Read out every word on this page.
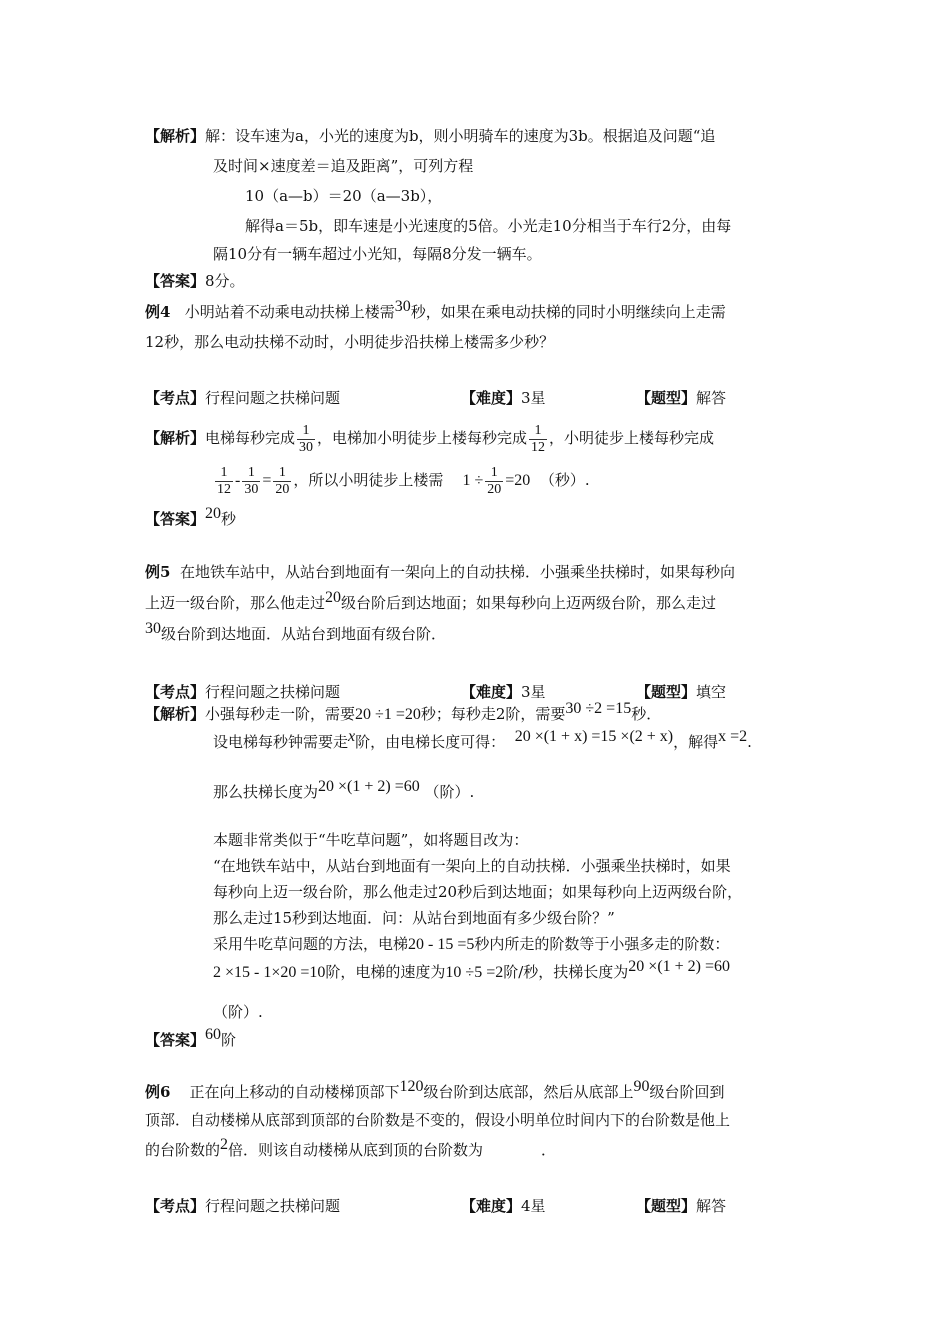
【解析】解：设车速为a，小光的速度为b，则小明骑车的速度为3b。根据追及问题“追
及时间×速度差＝追及距离”，可列方程
10（a—b）＝20（a—3b），
解得a＝5b，即车速是小光速度的5倍。小光走10分相当于车行2分，由每
隔10分有一辆车超过小光知，每隔8分发一辆车。
【答案】8分。
例4 小明站着不动乘电动扶梯上楼需30秒，如果在乘电动扶梯的同时小明继续向上走需
12秒，那么电动扶梯不动时，小明徒步沿扶梯上楼需多少秒？
【考点】行程问题之扶梯问题	【难度】3星	【题型】解答
【解析】电梯每秒完成 $\frac{1}{30}$ ，电梯加小明徒步上楼每秒完成 $\frac{1}{12}$ ，小明徒步上楼每秒完成
$\frac{1}{12} - \frac{1}{30} = \frac{1}{20}$ ，所以小明徒步上楼需 $1 \div \frac{1}{20} =20$ （秒）.
【答案】20秒
例5 在地铁车站中，从站台到地面有一架向上的自动扶梯．小强乘坐扶梯时，如果每秒向
上迈一级台阶，那么他走过20级台阶后到达地面；如果每秒向上迈两级台阶，那么走过
30级台阶到达地面．从站台到地面有级台阶．
【考点】行程问题之扶梯问题	【难度】3星	【题型】填空
【解析】小强每秒走一阶，需要20 ÷1 =20秒；每秒走2阶，需要30 ÷2 =15秒．
设电梯每秒钟需要走x阶，由电梯长度可得： 20 ×(1 + x) =15 ×(2 + x)，解得x =2.
那么扶梯长度为20 ×(1 + 2) =60 （阶）.
本题非常类似于“牛吃草问题”，如将题目改为：
“在地铁车站中，从站台到地面有一架向上的自动扶梯．小强乘坐扶梯时，如果
每秒向上迈一级台阶，那么他走过20秒后到达地面；如果每秒向上迈两级台阶，
那么走过15秒到达地面．问：从站台到地面有多少级台阶？”
采用牛吃草问题的方法，电梯20 - 15 =5秒内所走的阶数等于小强多走的阶数：
2 ×15 - 1×20 =10阶，电梯的速度为10 ÷5 =2阶/秒，扶梯长度为20 ×(1 + 2) =60
（阶）.
【答案】60阶
例6 正在向上移动的自动楼梯顶部下120级台阶到达底部，然后从底部上90级台阶回到
顶部．自动楼梯从底部到顶部的台阶数是不变的，假设小明单位时间内下的台阶数是他上
的台阶数的2倍．则该自动楼梯从底到顶的台阶数为	．
【考点】行程问题之扶梯问题	【难度】4星	【题型】解答
